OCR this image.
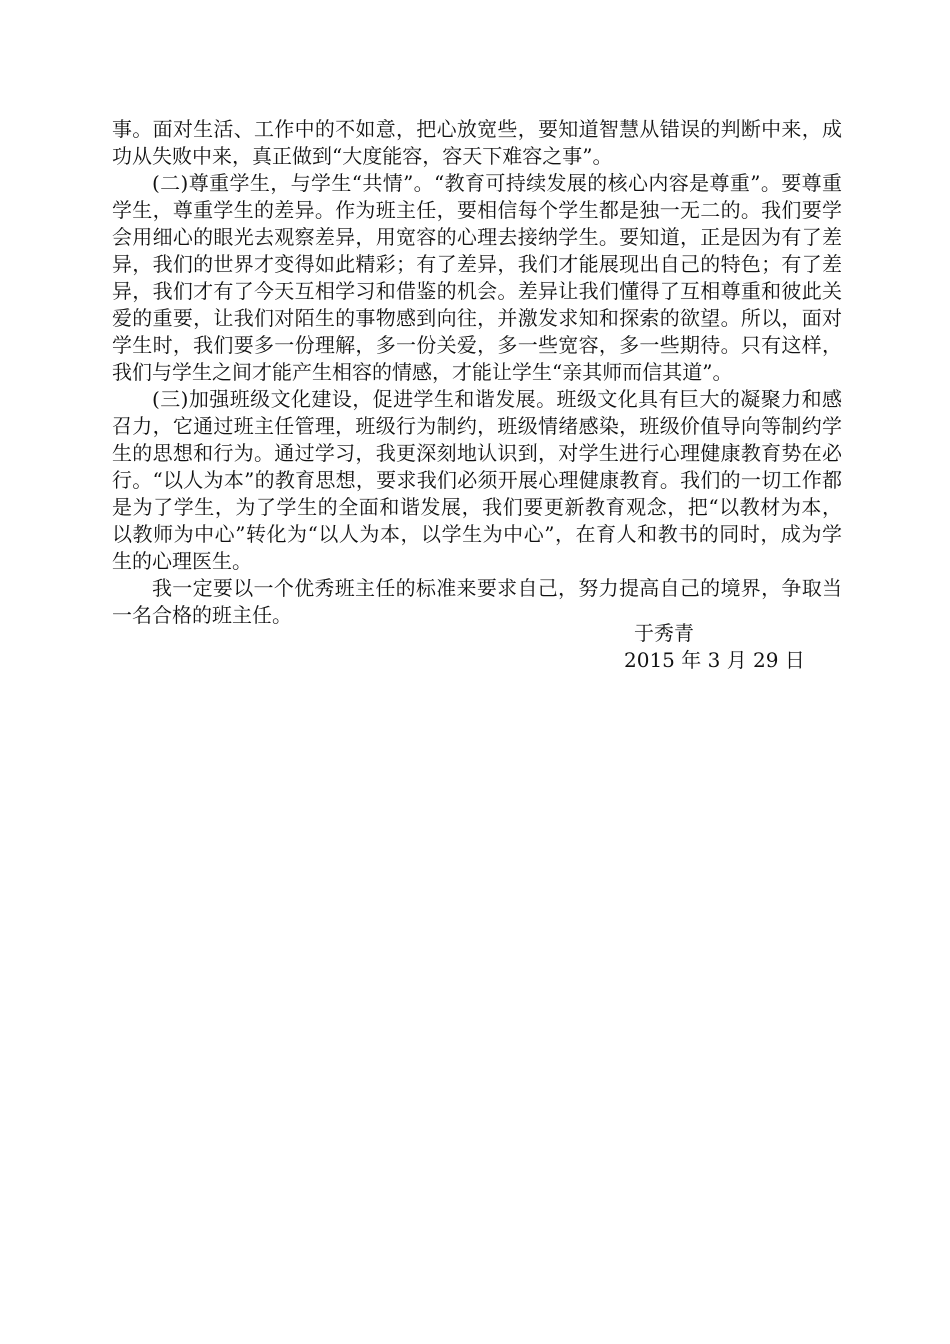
事。面对生活、工作中的不如意，把心放宽些，要知道智慧从错误的判断中来，成功从失败中来，真正做到“大度能容，容天下难容之事”。

(二)尊重学生，与学生“共情”。“教育可持续发展的核心内容是尊重”。要尊重学生，尊重学生的差异。作为班主任，要相信每个学生都是独一无二的。我们要学会用细心的眼光去观察差异，用宽容的心理去接纳学生。要知道，正是因为有了差异，我们的世界才变得如此精彩；有了差异，我们才能展现出自己的特色；有了差异，我们才有了今天互相学习和借鉴的机会。差异让我们懂得了互相尊重和彼此关爱的重要，让我们对陌生的事物感到向往，并激发求知和探索的欲望。所以，面对学生时，我们要多一份理解，多一份关爱，多一些宽容，多一些期待。只有这样，我们与学生之间才能产生相容的情感，才能让学生“亲其师而信其道”。

(三)加强班级文化建设，促进学生和谐发展。班级文化具有巨大的凝聚力和感召力，它通过班主任管理，班级行为制约，班级情绪感染，班级价值导向等制约学生的思想和行为。通过学习，我更深刻地认识到，对学生进行心理健康教育势在必行。“以人为本”的教育思想，要求我们必须开展心理健康教育。我们的一切工作都是为了学生，为了学生的全面和谐发展，我们要更新教育观念，把“以教材为本，以教师为中心”转化为“以人为本，以学生为中心”，在育人和教书的同时，成为学生的心理医生。

我一定要以一个优秀班主任的标准来要求自己，努力提高自己的境界，争取当一名合格的班主任。

于秀青
2015 年 3 月 29 日
